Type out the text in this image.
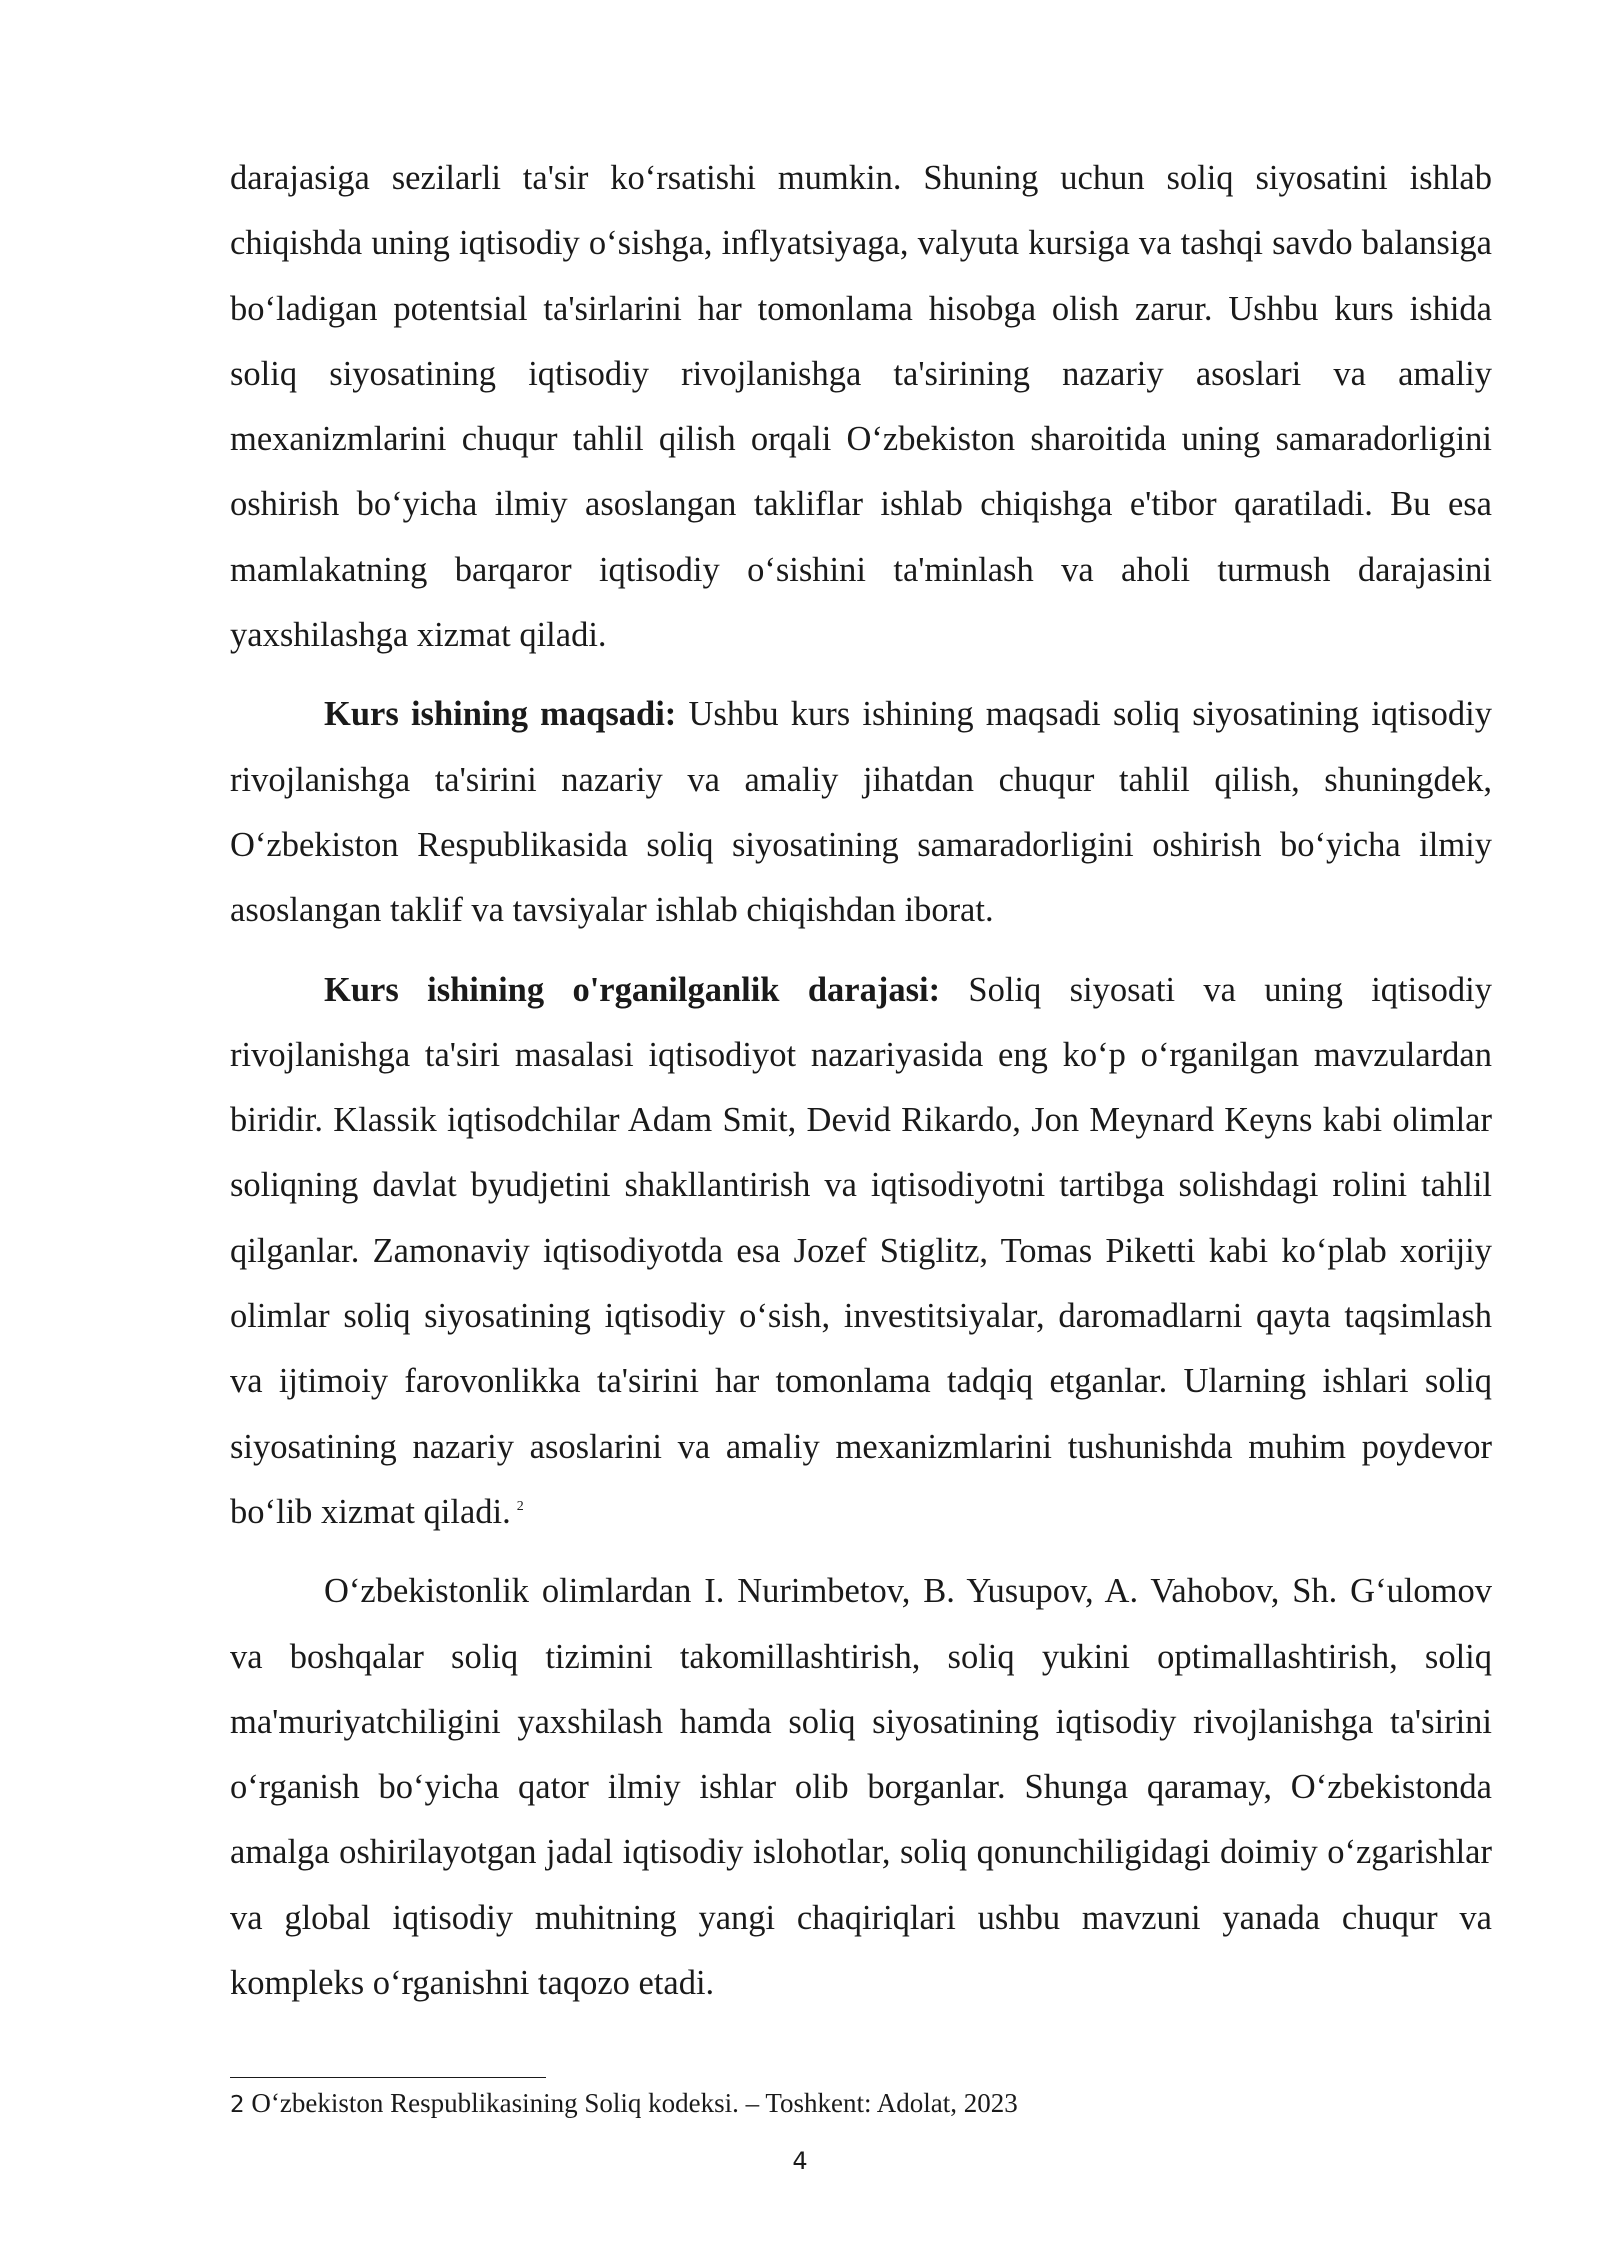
darajasiga sezilarli ta'sir ko‘rsatishi mumkin. Shuning uchun soliq siyosatini ishlab chiqishda uning iqtisodiy o‘sishga, inflyatsiyaga, valyuta kursiga va tashqi savdo balansiga bo‘ladigan potentsial ta'sirlarini har tomonlama hisobga olish zarur. Ushbu kurs ishida soliq siyosatining iqtisodiy rivojlanishga ta'sirining nazariy asoslari va amaliy mexanizmlarini chuqur tahlil qilish orqali O‘zbekiston sharoitida uning samaradorligini oshirish bo‘yicha ilmiy asoslangan takliflar ishlab chiqishga e'tibor qaratiladi. Bu esa mamlakatning barqaror iqtisodiy o‘sishini ta'minlash va aholi turmush darajasini yaxshilashga xizmat qiladi.

Kurs ishining maqsadi: Ushbu kurs ishining maqsadi soliq siyosatining iqtisodiy rivojlanishga ta'sirini nazariy va amaliy jihatdan chuqur tahlil qilish, shuningdek, O‘zbekiston Respublikasida soliq siyosatining samaradorligini oshirish bo‘yicha ilmiy asoslangan taklif va tavsiyalar ishlab chiqishdan iborat.

Kurs ishining o'rganilganlik darajasi: Soliq siyosati va uning iqtisodiy rivojlanishga ta'siri masalasi iqtisodiyot nazariyasida eng ko‘p o‘rganilgan mavzulardan biridir. Klassik iqtisodchilar Adam Smit, Devid Rikardo, Jon Meynard Keyns kabi olimlar soliqning davlat byudjetini shakllantirish va iqtisodiyotni tartibga solishdagi rolini tahlil qilganlar. Zamonaviy iqtisodiyotda esa Jozef Stiglitz, Tomas Piketti kabi ko‘plab xorijiy olimlar soliq siyosatining iqtisodiy o‘sish, investitsiyalar, daromadlarni qayta taqsimlash va ijtimoiy farovonlikka ta'sirini har tomonlama tadqiq etganlar. Ularning ishlari soliq siyosatining nazariy asoslarini va amaliy mexanizmlarini tushunishda muhim poydevor bo‘lib xizmat qiladi. $^2$

O‘zbekistonlik olimlardan I. Nurimbetov, B. Yusupov, A. Vahobov, Sh. G‘ulomov va boshqalar soliq tizimini takomillashtirish, soliq yukini optimallashtirish, soliq ma'muriyatchiligini yaxshilash hamda soliq siyosatining iqtisodiy rivojlanishga ta'sirini o‘rganish bo‘yicha qator ilmiy ishlar olib borganlar. Shunga qaramay, O‘zbekistonda amalga oshirilayotgan jadal iqtisodiy islohotlar, soliq qonunchiligidagi doimiy o‘zgarishlar va global iqtisodiy muhitning yangi chaqiriqlari ushbu mavzuni yanada chuqur va kompleks o‘rganishni taqozo etadi.

2 O‘zbekiston Respublikasining Soliq kodeksi. – Toshkent: Adolat, 2023

4
